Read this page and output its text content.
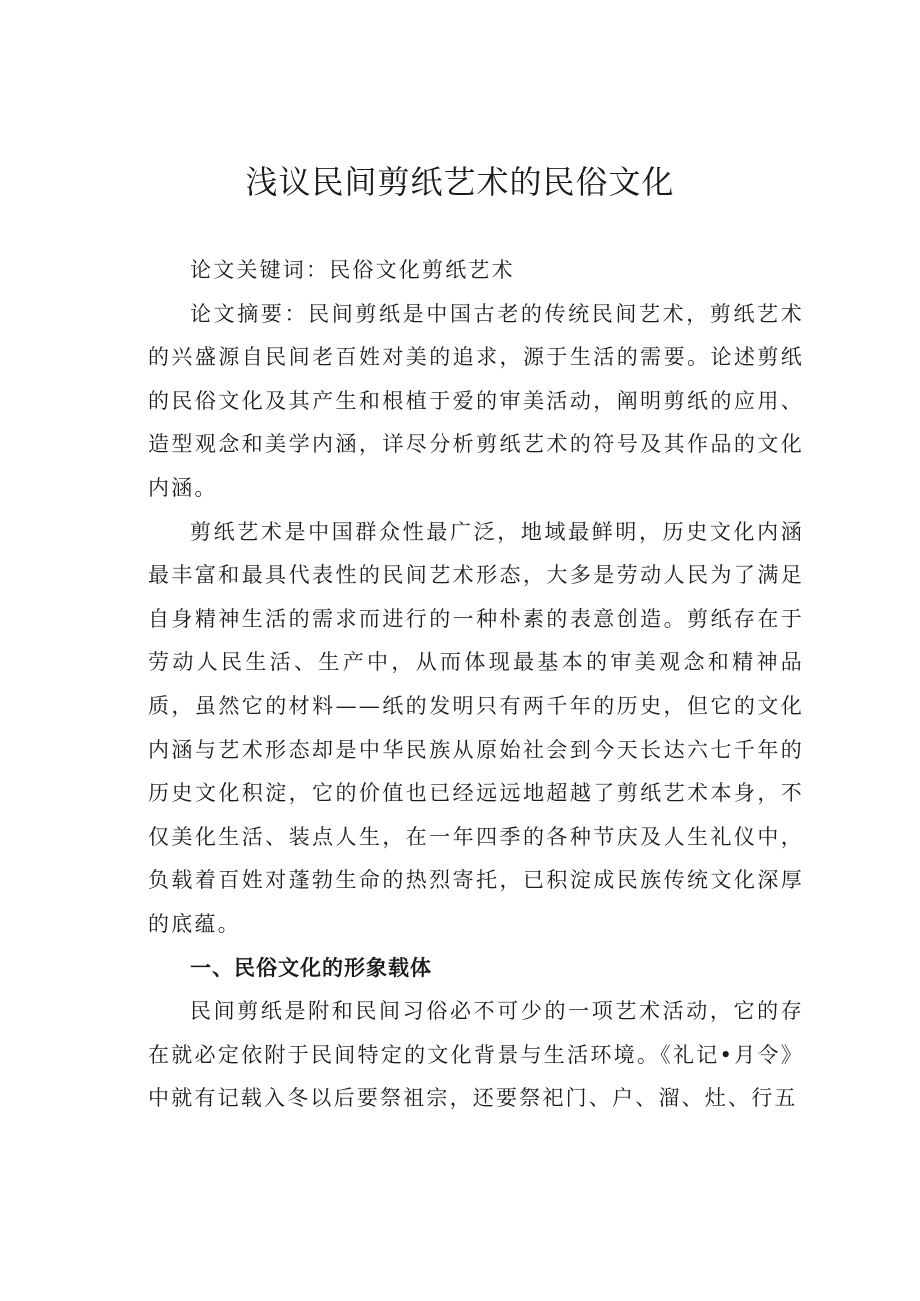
浅议民间剪纸艺术的民俗文化

论文关键词：民俗文化剪纸艺术

论文摘要：民间剪纸是中国古老的传统民间艺术，剪纸艺术的兴盛源自民间老百姓对美的追求，源于生活的需要。论述剪纸的民俗文化及其产生和根植于爱的审美活动，阐明剪纸的应用、造型观念和美学内涵，详尽分析剪纸艺术的符号及其作品的文化内涵。

剪纸艺术是中国群众性最广泛，地域最鲜明，历史文化内涵最丰富和最具代表性的民间艺术形态，大多是劳动人民为了满足自身精神生活的需求而进行的一种朴素的表意创造。剪纸存在于劳动人民生活、生产中，从而体现最基本的审美观念和精神品质，虽然它的材料——纸的发明只有两千年的历史，但它的文化内涵与艺术形态却是中华民族从原始社会到今天长达六七千年的历史文化积淀，它的价值也已经远远地超越了剪纸艺术本身，不仅美化生活、装点人生，在一年四季的各种节庆及人生礼仪中，负载着百姓对蓬勃生命的热烈寄托，已积淀成民族传统文化深厚的底蕴。

一、民俗文化的形象载体

民间剪纸是附和民间习俗必不可少的一项艺术活动，它的存在就必定依附于民间特定的文化背景与生活环境。《礼记•月令》中就有记载入冬以后要祭祖宗，还要祭祀门、户、溜、灶、行五
